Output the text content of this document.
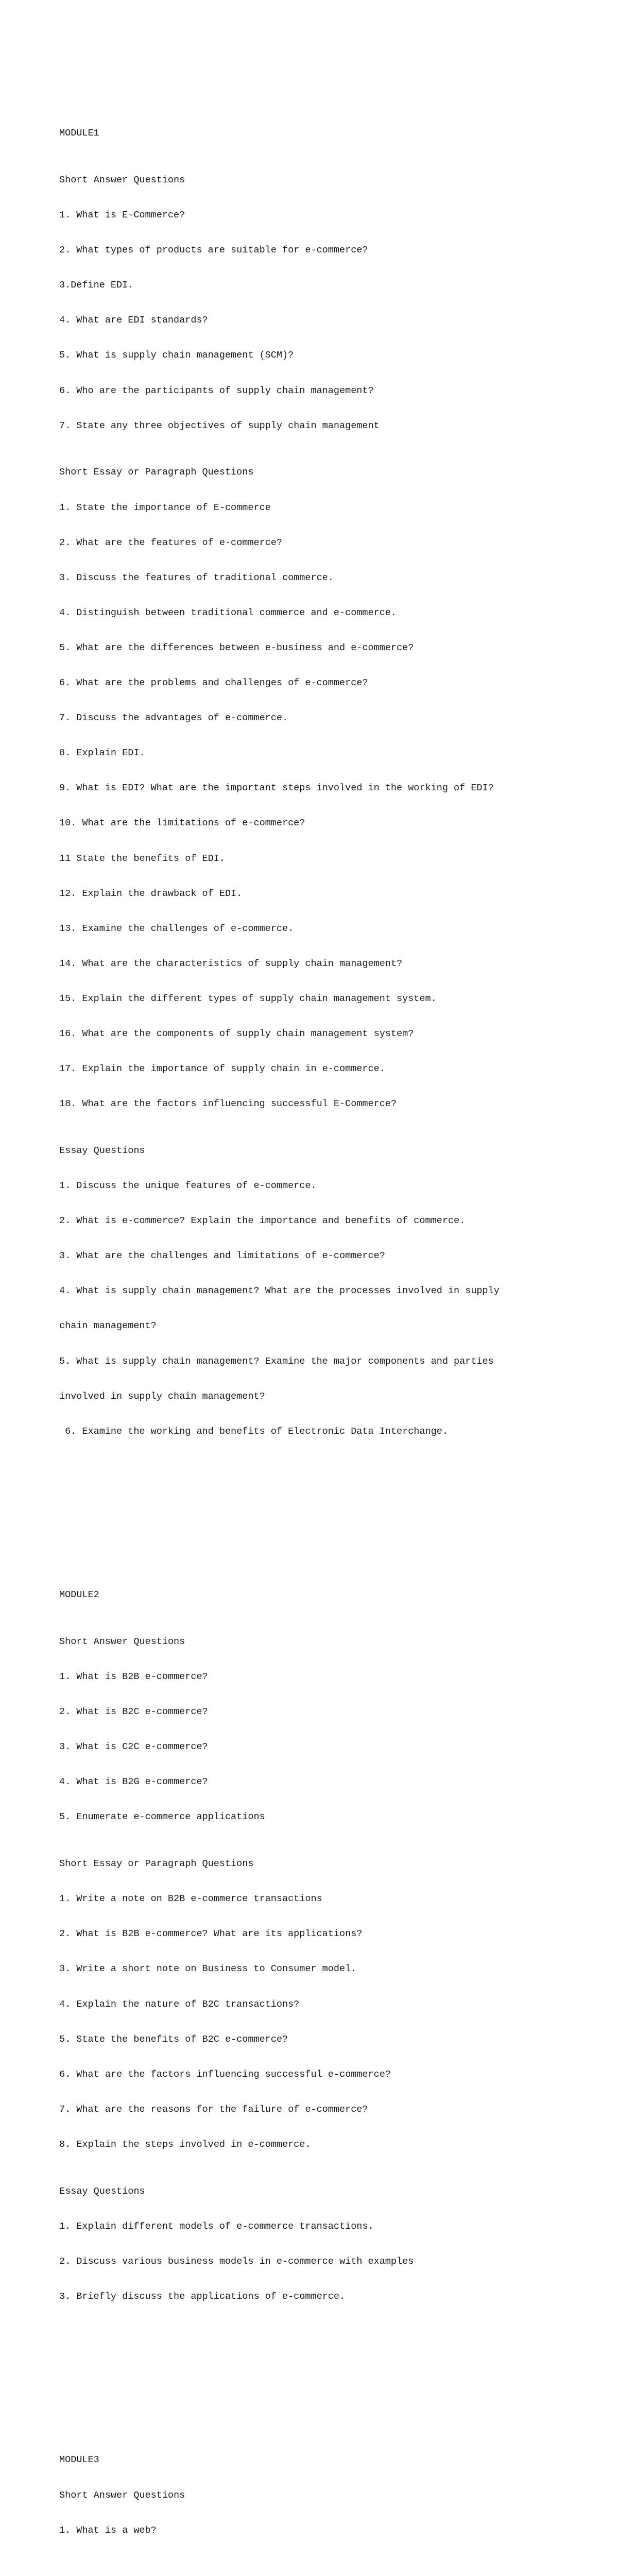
MODULE1

Short Answer Questions

1. What is E-Commerce?

2. What types of products are suitable for e-commerce?

3.Define EDI.

4. What are EDI standards?

5. What is supply chain management (SCM)?

6. Who are the participants of supply chain management?

7. State any three objectives of supply chain management

Short Essay or Paragraph Questions

1. State the importance of E-commerce

2. What are the features of e-commerce?

3. Discuss the features of traditional commerce.

4. Distinguish between traditional commerce and e-commerce.

5. What are the differences between e-business and e-commerce?

6. What are the problems and challenges of e-commerce?

7. Discuss the advantages of e-commerce.

8. Explain EDI.

9. What is EDI? What are the important steps involved in the working of EDI?

10. What are the limitations of e-commerce?

11 State the benefits of EDI.

12. Explain the drawback of EDI.

13. Examine the challenges of e-commerce.

14. What are the characteristics of supply chain management?

15. Explain the different types of supply chain management system.

16. What are the components of supply chain management system?

17. Explain the importance of supply chain in e-commerce.

18. What are the factors influencing successful E-Commerce?

Essay Questions

1. Discuss the unique features of e-commerce.

2. What is e-commerce? Explain the importance and benefits of commerce.

3. What are the challenges and limitations of e-commerce?

4. What is supply chain management? What are the processes involved in supply

chain management?

5. What is supply chain management? Examine the major components and parties

involved in supply chain management?

6. Examine the working and benefits of Electronic Data Interchange.

MODULE2

Short Answer Questions

1. What is B2B e-commerce?

2. What is B2C e-commerce?

3. What is C2C e-commerce?

4. What is B2G e-commerce?

5. Enumerate e-commerce applications

Short Essay or Paragraph Questions

1. Write a note on B2B e-commerce transactions

2. What is B2B e-commerce? What are its applications?

3. Write a short note on Business to Consumer model.

4. Explain the nature of B2C transactions?

5. State the benefits of B2C e-commerce?

6. What are the factors influencing successful e-commerce?

7. What are the reasons for the failure of e-commerce?

8. Explain the steps involved in e-commerce.

Essay Questions

1. Explain different models of e-commerce transactions.

2. Discuss various business models in e-commerce with examples

3. Briefly discuss the applications of e-commerce.

MODULE3

Short Answer Questions

1. What is a web?
